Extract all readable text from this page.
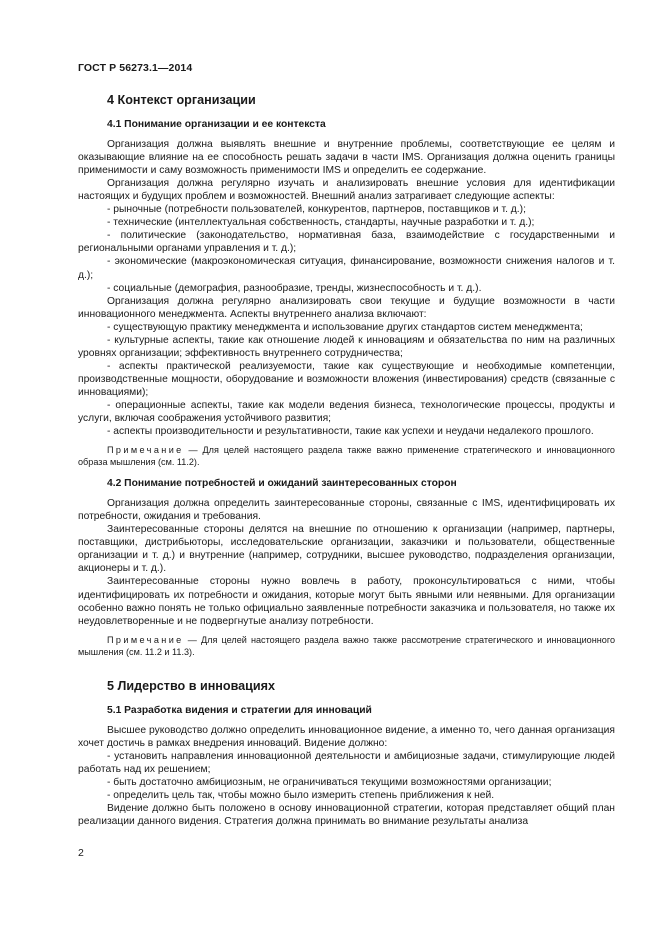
ГОСТ Р 56273.1—2014
4 Контекст организации
4.1 Понимание организации и ее контекста
Организация должна выявлять внешние и внутренние проблемы, соответствующие ее целям и оказывающие влияние на ее способность решать задачи в части IMS. Организация должна оценить границы применимости и саму возможность применимости IMS и определить ее содержание.
Организация должна регулярно изучать и анализировать внешние условия для идентификации настоящих и будущих проблем и возможностей. Внешний анализ затрагивает следующие аспекты:
- рыночные (потребности пользователей, конкурентов, партнеров, поставщиков и т. д.);
- технические (интеллектуальная собственность, стандарты, научные разработки и т. д.);
- политические (законодательство, нормативная база, взаимодействие с государственными и региональными органами управления и т. д.);
- экономические (макроэкономическая ситуация, финансирование, возможности снижения налогов и т. д.);
- социальные (демография, разнообразие, тренды, жизнеспособность и т. д.).
Организация должна регулярно анализировать свои текущие и будущие возможности в части инновационного менеджмента. Аспекты внутреннего анализа включают:
- существующую практику менеджмента и использование других стандартов систем менеджмента;
- культурные аспекты, такие как отношение людей к инновациям и обязательства по ним на различных уровнях организации; эффективность внутреннего сотрудничества;
- аспекты практической реализуемости, такие как существующие и необходимые компетенции, производственные мощности, оборудование и возможности вложения (инвестирования) средств (связанные с инновациями);
- операционные аспекты, такие как модели ведения бизнеса, технологические процессы, продукты и услуги, включая соображения устойчивого развития;
- аспекты производительности и результативности, такие как успехи и неудачи недалекого прошлого.
Примечание — Для целей настоящего раздела также важно применение стратегического и инновационного образа мышления (см. 11.2).
4.2 Понимание потребностей и ожиданий заинтересованных сторон
Организация должна определить заинтересованные стороны, связанные с IMS, идентифицировать их потребности, ожидания и требования.
Заинтересованные стороны делятся на внешние по отношению к организации (например, партнеры, поставщики, дистрибьюторы, исследовательские организации, заказчики и пользователи, общественные организации и т. д.) и внутренние (например, сотрудники, высшее руководство, подразделения организации, акционеры и т. д.).
Заинтересованные стороны нужно вовлечь в работу, проконсультироваться с ними, чтобы идентифицировать их потребности и ожидания, которые могут быть явными или неявными. Для организации особенно важно понять не только официально заявленные потребности заказчика и пользователя, но также их неудовлетворенные и не подвергнутые анализу потребности.
Примечание — Для целей настоящего раздела важно также рассмотрение стратегического и инновационного мышления (см. 11.2 и 11.3).
5 Лидерство в инновациях
5.1 Разработка видения и стратегии для инноваций
Высшее руководство должно определить инновационное видение, а именно то, чего данная организация хочет достичь в рамках внедрения инноваций. Видение должно:
- установить направления инновационной деятельности и амбициозные задачи, стимулирующие людей работать над их решением;
- быть достаточно амбициозным, не ограничиваться текущими возможностями организации;
- определить цель так, чтобы можно было измерить степень приближения к ней.
Видение должно быть положено в основу инновационной стратегии, которая представляет общий план реализации данного видения. Стратегия должна принимать во внимание результаты анализа
2
